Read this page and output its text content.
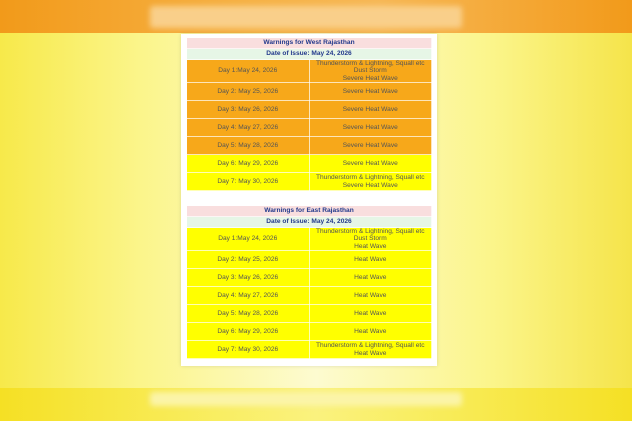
Warnings for West Rajasthan	
Date of Issue: May 24, 2026	
Day 1:May 24, 2026	Thunderstorm & Lightning, Squall etc
Dust Storm
Severe Heat Wave
Day 2: May 25, 2026	Severe Heat Wave
Day 3: May 26, 2026	Severe Heat Wave
Day 4: May 27, 2026	Severe Heat Wave
Day 5: May 28, 2026	Severe Heat Wave
Day 6: May 29, 2026	Severe Heat Wave
Day 7: May 30, 2026	Thunderstorm & Lightning, Squall etc
Severe Heat Wave
Warnings for East Rajasthan	
Date of Issue: May 24, 2026	
Day 1:May 24, 2026	Thunderstorm & Lightning, Squall etc
Dust Storm
Heat Wave
Day 2: May 25, 2026	Heat Wave
Day 3: May 26, 2026	Heat Wave
Day 4: May 27, 2026	Heat Wave
Day 5: May 28, 2026	Heat Wave
Day 6: May 29, 2026	Heat Wave
Day 7: May 30, 2026	Thunderstorm & Lightning, Squall etc
Heat Wave
